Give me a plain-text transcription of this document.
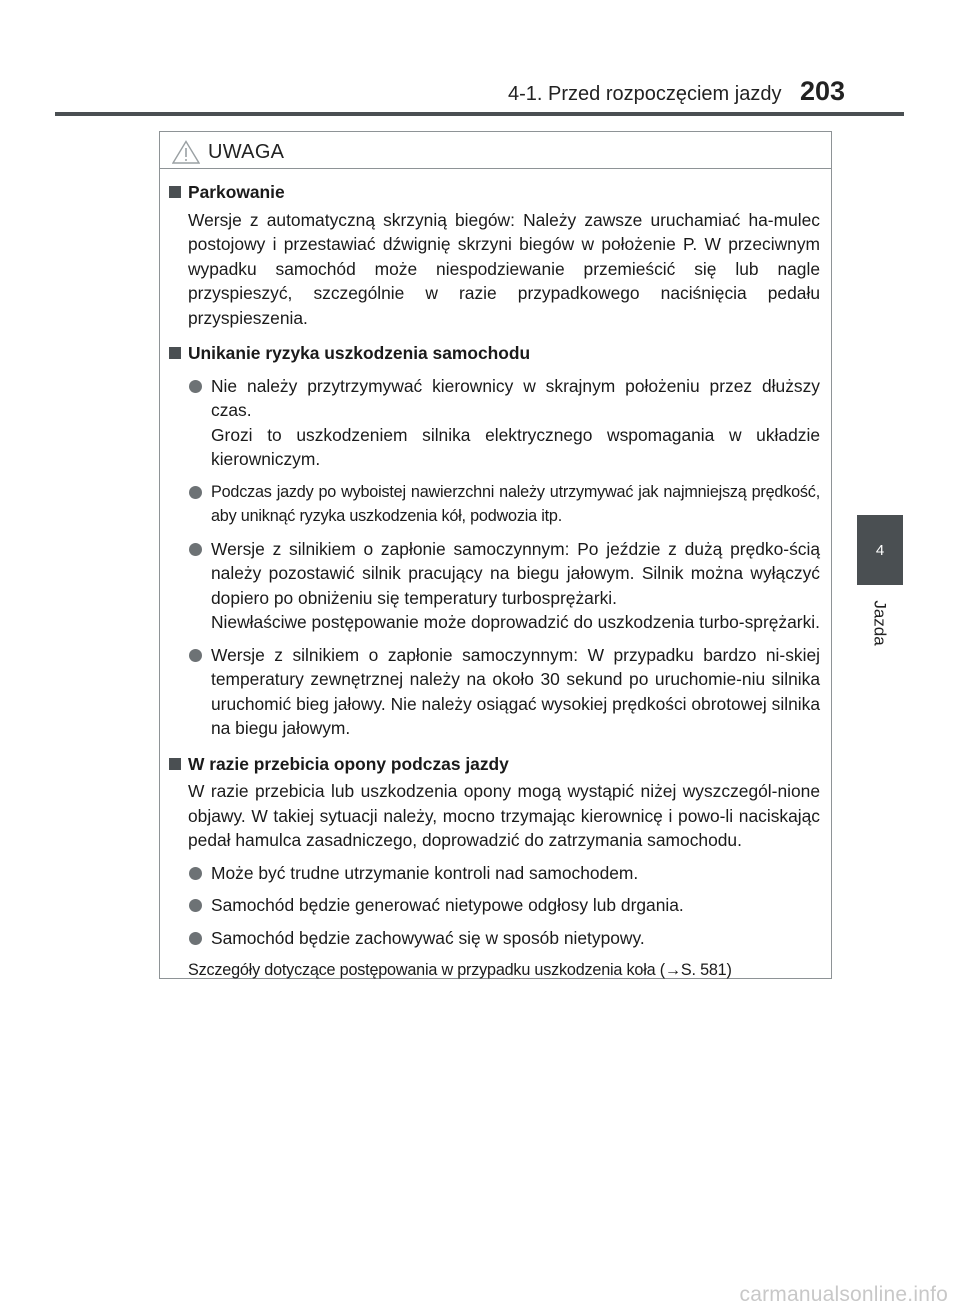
4-1. Przed rozpoczęciem jazdy 203
4
Jazda
UWAGA
Parkowanie
Wersje z automatyczną skrzynią biegów: Należy zawsze uruchamiać ha-mulec postojowy i przestawiać dźwignię skrzyni biegów w położenie P. W przeciwnym wypadku samochód może niespodziewanie przemieścić się lub nagle przyspieszyć, szczególnie w razie przypadkowego naciśnięcia pedału przyspieszenia.
Unikanie ryzyka uszkodzenia samochodu
Nie należy przytrzymywać kierownicy w skrajnym położeniu przez dłuższy czas.
Grozi to uszkodzeniem silnika elektrycznego wspomagania w układzie kierowniczym.
Podczas jazdy po wyboistej nawierzchni należy utrzymywać jak najmniejszą prędkość, aby uniknąć ryzyka uszkodzenia kół, podwozia itp.
Wersje z silnikiem o zapłonie samoczynnym: Po jeździe z dużą prędko-ścią należy pozostawić silnik pracujący na biegu jałowym. Silnik można wyłączyć dopiero po obniżeniu się temperatury turbosprężarki.
Niewłaściwe postępowanie może doprowadzić do uszkodzenia turbo-sprężarki.
Wersje z silnikiem o zapłonie samoczynnym: W przypadku bardzo ni-skiej temperatury zewnętrznej należy na około 30 sekund po uruchomie-niu silnika uruchomić bieg jałowy. Nie należy osiągać wysokiej prędkości obrotowej silnika na biegu jałowym.
W razie przebicia opony podczas jazdy
W razie przebicia lub uszkodzenia opony mogą wystąpić niżej wyszczegól-nione objawy. W takiej sytuacji należy, mocno trzymając kierownicę i powo-li naciskając pedał hamulca zasadniczego, doprowadzić do zatrzymania samochodu.
Może być trudne utrzymanie kontroli nad samochodem.
Samochód będzie generować nietypowe odgłosy lub drgania.
Samochód będzie zachowywać się w sposób nietypowy.
Szczegóły dotyczące postępowania w przypadku uszkodzenia koła (→S. 581)
carmanualsonline.info
